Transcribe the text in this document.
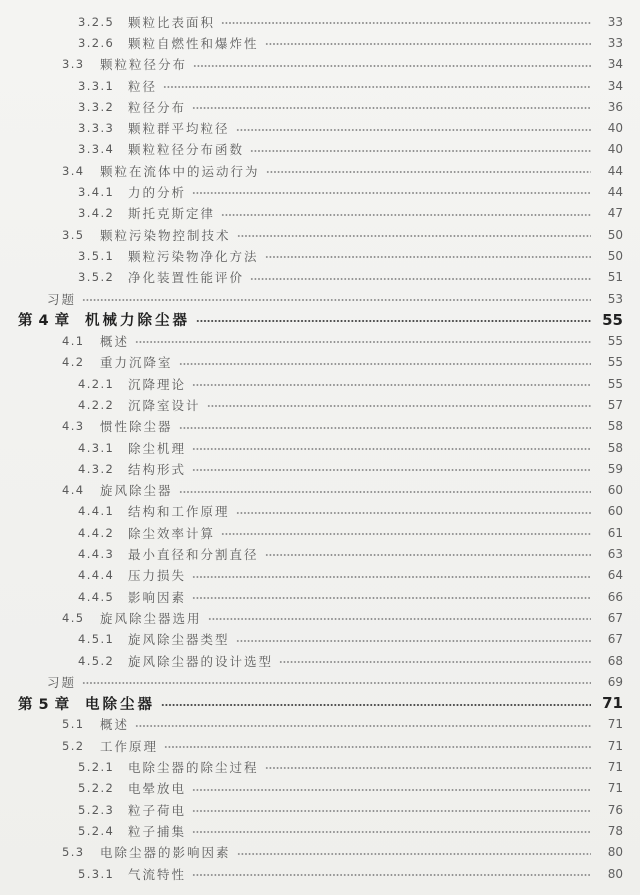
3.2.5	颗粒比表面积	33
3.2.6	颗粒自燃性和爆炸性	33
3.3	颗粒粒径分布	34
3.3.1	粒径	34
3.3.2	粒径分布	36
3.3.3	颗粒群平均粒径	40
3.3.4	颗粒粒径分布函数	40
3.4	颗粒在流体中的运动行为	44
3.4.1	力的分析	44
3.4.2	斯托克斯定律	47
3.5	颗粒污染物控制技术	50
3.5.1	颗粒污染物净化方法	50
3.5.2	净化装置性能评价	51
习题	53
第 4 章	机械力除尘器	55
4.1	概述	55
4.2	重力沉降室	55
4.2.1	沉降理论	55
4.2.2	沉降室设计	57
4.3	惯性除尘器	58
4.3.1	除尘机理	58
4.3.2	结构形式	59
4.4	旋风除尘器	60
4.4.1	结构和工作原理	60
4.4.2	除尘效率计算	61
4.4.3	最小直径和分割直径	63
4.4.4	压力损失	64
4.4.5	影响因素	66
4.5	旋风除尘器选用	67
4.5.1	旋风除尘器类型	67
4.5.2	旋风除尘器的设计选型	68
习题	69
第 5 章	电除尘器	71
5.1	概述	71
5.2	工作原理	71
5.2.1	电除尘器的除尘过程	71
5.2.2	电晕放电	71
5.2.3	粒子荷电	76
5.2.4	粒子捕集	78
5.3	电除尘器的影响因素	80
5.3.1	气流特性	80
